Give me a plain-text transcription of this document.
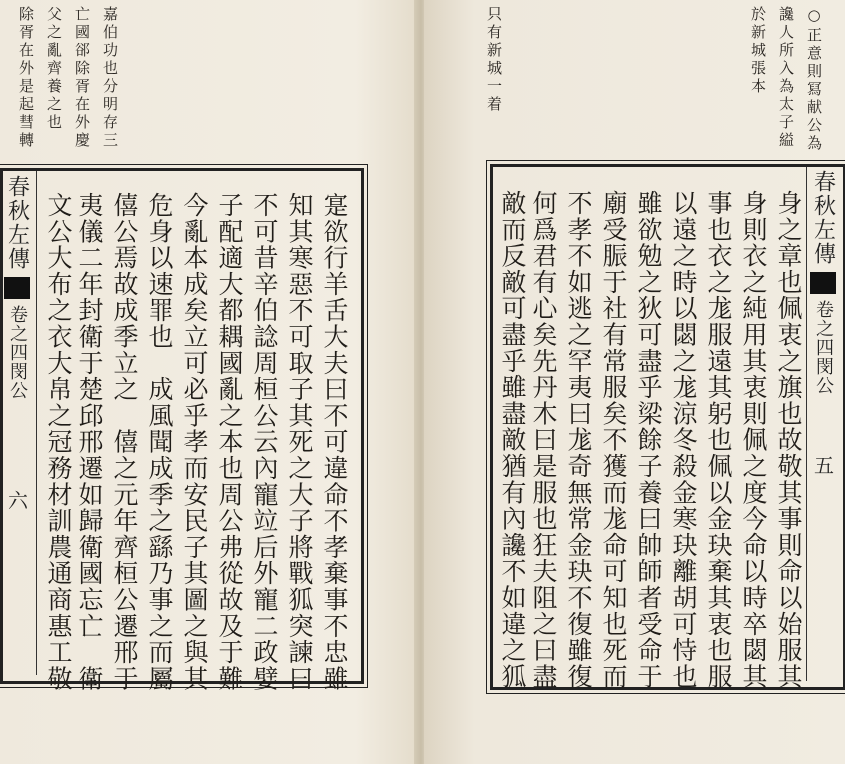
嘉伯功也分明存三
亡國郤除胥在外慶
父之亂齊養之也
除胥在外是起彗轉
春秋左傳
卷之四
閔公
六	寔欲行羊舌大夫曰不可違命不孝棄事不忠雖
知其寒惡不可取子其死之大子將戰狐突諫曰
不可昔辛伯諗周桓公云內寵竝后外寵二政嬖
子配適大都耦國亂之本也周公弗從故及于難
今亂本成矣立可必乎孝而安民子其圖之與其
危身以速罪也　成風聞成季之繇乃事之而屬
僖公焉故成季立之　僖之元年齊桓公遷邢于
夷儀二年封衛于楚邱邢遷如歸衛國忘亡　衛
文公大布之衣大帛之冠務材訓農通商惠工敬
○正意則冩献公為
讒人所入為太子縊
於新城張本
只有新城一着
春秋左傳
卷之四
閔公
五
身之章也佩衷之旗也故敬其事則命以始服其
身則衣之純用其衷則佩之度今命以時卒閟其
事也衣之尨服遠其躬也佩以金玦棄其衷也服
以遠之時以閟之尨涼冬殺金寒玦離胡可恃也
雖欲勉之狄可盡乎梁餘子養曰帥師者受命于
廟受脤于社有常服矣不獲而尨命可知也死而
不孝不如逃之罕夷曰尨奇無常金玦不復雖復
何爲君有心矣先丹木曰是服也狂夫阻之曰盡
敵而反敵可盡乎雖盡敵猶有內讒不如違之狐
